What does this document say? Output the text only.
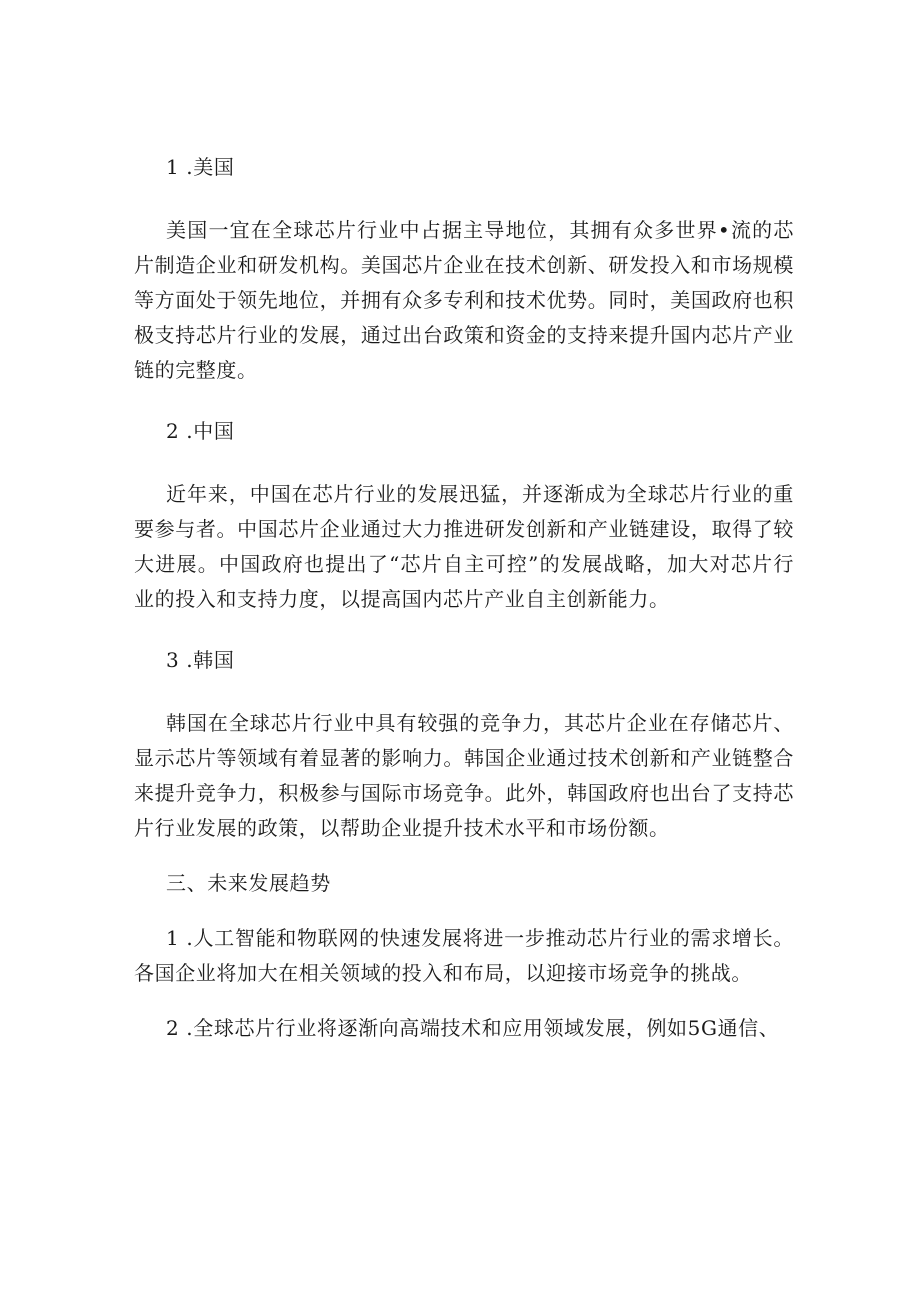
1 .美国

美国一宜在全球芯片行业中占据主导地位，其拥有众多世界•流的芯片制造企业和研发机构。美国芯片企业在技术创新、研发投入和市场规模等方面处于领先地位，并拥有众多专利和技术优势。同时，美国政府也积极支持芯片行业的发展，通过出台政策和资金的支持来提升国内芯片产业链的完整度。

2 .中国

近年来，中国在芯片行业的发展迅猛，并逐渐成为全球芯片行业的重要参与者。中国芯片企业通过大力推进研发创新和产业链建设，取得了较大进展。中国政府也提出了“芯片自主可控”的发展战略，加大对芯片行业的投入和支持力度，以提高国内芯片产业自主创新能力。

3 .韩国

韩国在全球芯片行业中具有较强的竞争力，其芯片企业在存储芯片、显示芯片等领域有着显著的影响力。韩国企业通过技术创新和产业链整合来提升竞争力，积极参与国际市场竞争。此外，韩国政府也出台了支持芯片行业发展的政策，以帮助企业提升技术水平和市场份额。

三、未来发展趋势

1 .人工智能和物联网的快速发展将进一步推动芯片行业的需求增长。各国企业将加大在相关领域的投入和布局，以迎接市场竞争的挑战。

2 .全球芯片行业将逐渐向高端技术和应用领域发展，例如5G通信、
